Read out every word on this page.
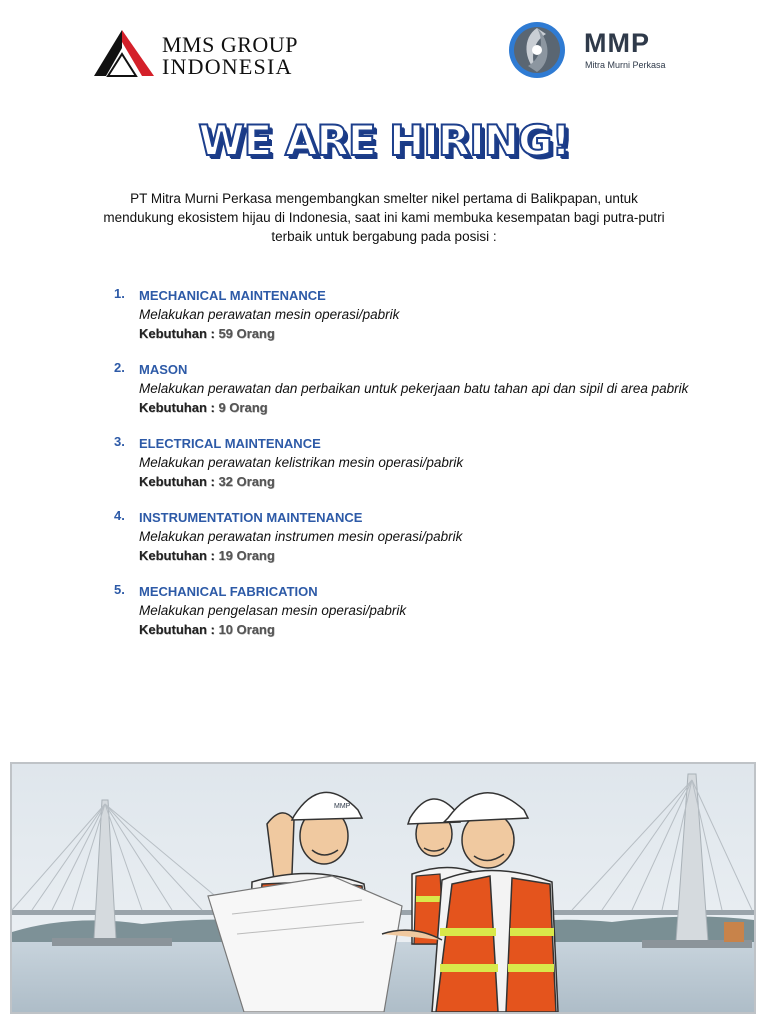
MMS GROUP
INDONESIA
MMP
Mitra Murni Perkasa
WE ARE HIRING!
PT Mitra Murni Perkasa mengembangkan smelter nikel pertama di Balikpapan, untuk mendukung ekosistem hijau di Indonesia, saat ini kami membuka kesempatan bagi putra-putri terbaik untuk bergabung pada posisi :
1. MECHANICAL MAINTENANCE
Melakukan perawatan mesin operasi/pabrik
Kebutuhan : 59 Orang
2. MASON
Melakukan perawatan dan perbaikan untuk pekerjaan batu tahan api dan sipil di area pabrik
Kebutuhan : 9 Orang
3. ELECTRICAL MAINTENANCE
Melakukan perawatan kelistrikan mesin operasi/pabrik
Kebutuhan : 32 Orang
4. INSTRUMENTATION MAINTENANCE
Melakukan perawatan instrumen mesin operasi/pabrik
Kebutuhan : 19 Orang
5. MECHANICAL FABRICATION
Melakukan pengelasan mesin operasi/pabrik
Kebutuhan : 10 Orang
MMP
